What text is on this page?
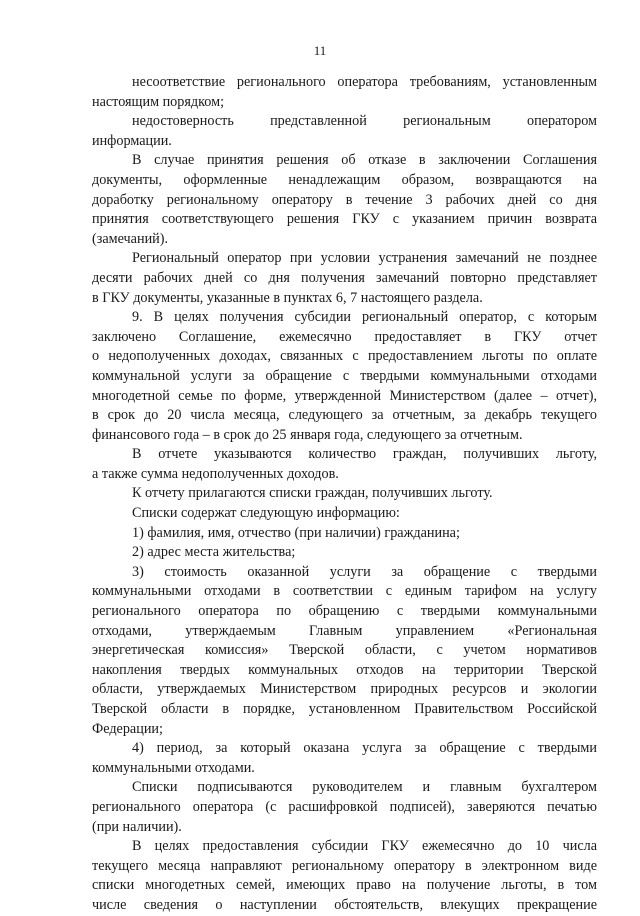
11
несоответствие регионального оператора требованиям, установленным
настоящим порядком;
недостоверность представленной региональным оператором
информации.
В случае принятия решения об отказе в заключении Соглашения
документы, оформленные ненадлежащим образом, возвращаются на
доработку региональному оператору в течение 3 рабочих дней со дня
принятия соответствующего решения ГКУ с указанием причин возврата
(замечаний).
Региональный оператор при условии устранения замечаний не позднее
десяти рабочих дней со дня получения замечаний повторно представляет
в ГКУ документы, указанные в пунктах 6, 7 настоящего раздела.
9. В целях получения субсидии региональный оператор, с которым
заключено Соглашение, ежемесячно предоставляет в ГКУ отчет
о недополученных доходах, связанных с предоставлением льготы по оплате
коммунальной услуги за обращение с твердыми коммунальными отходами
многодетной семье по форме, утвержденной Министерством (далее – отчет),
в срок до 20 числа месяца, следующего за отчетным, за декабрь текущего
финансового года – в срок до 25 января года, следующего за отчетным.
В отчете указываются количество граждан, получивших льготу,
а также сумма недополученных доходов.
К отчету прилагаются списки граждан, получивших льготу.
Списки содержат следующую информацию:
1) фамилия, имя, отчество (при наличии) гражданина;
2) адрес места жительства;
3) стоимость оказанной услуги за обращение с твердыми
коммунальными отходами в соответствии с единым тарифом на услугу
регионального оператора по обращению с твердыми коммунальными
отходами, утверждаемым Главным управлением «Региональная
энергетическая комиссия» Тверской области, с учетом нормативов
накопления твердых коммунальных отходов на территории Тверской
области, утверждаемых Министерством природных ресурсов и экологии
Тверской области в порядке, установленном Правительством Российской
Федерации;
4) период, за который оказана услуга за обращение с твердыми
коммунальными отходами.
Списки подписываются руководителем и главным бухгалтером
регионального оператора (с расшифровкой подписей), заверяются печатью
(при наличии).
В целях предоставления субсидии ГКУ ежемесячно до 10 числа
текущего месяца направляют региональному оператору в электронном виде
списки многодетных семей, имеющих право на получение льготы, в том
числе сведения о наступлении обстоятельств, влекущих прекращение
